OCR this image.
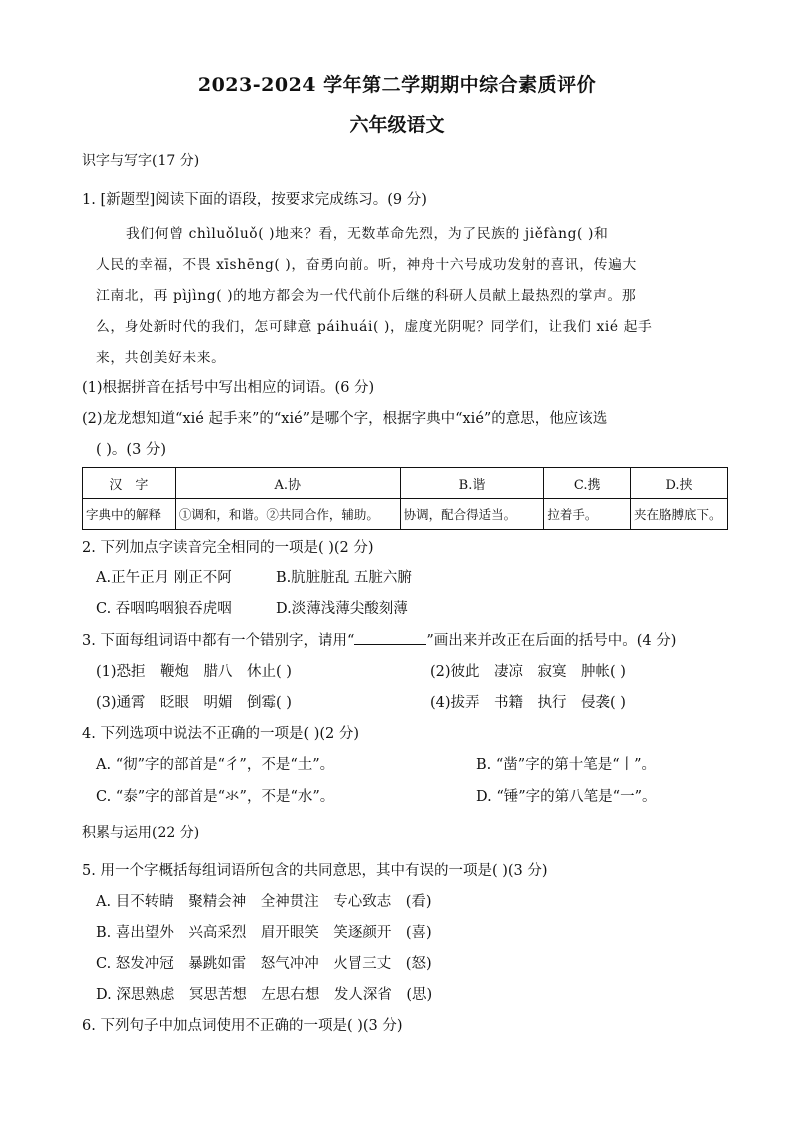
2023-2024 学年第二学期期中综合素质评价
六年级语文
识字与写字(17 分)
1. [新题型]阅读下面的语段，按要求完成练习。(9 分)
我们何曾 chìluǒluǒ( )地来？看，无数革命先烈，为了民族的 jiěfàng( )和
人民的幸福，不畏 xīshēng( )，奋勇向前。听，神舟十六号成功发射的喜讯，传遍大
江南北，再 pìjìng( )的地方都会为一代代前仆后继的科研人员献上最热烈的掌声。那
么，身处新时代的我们，怎可肆意 páihuái( )，虚度光阴呢？同学们，让我们 xié 起手
来，共创美好未来。
(1)根据拼音在括号中写出相应的词语。(6 分)
(2)龙龙想知道“xié 起手来”的“xié”是哪个字，根据字典中“xié”的意思，他应该选
( )。(3 分)
汉　字	A.协	B.谐	C.携	D.挟
字典中的解释	①调和，和谐。②共同合作，辅助。	协调，配合得适当。	拉着手。	夹在胳膊底下。
2. 下列加点字读音完全相同的一项是( )(2 分)
A.正午正月 刚正不阿	B.肮脏脏乱 五脏六腑
C. 吞咽呜咽狼吞虎咽	D.淡薄浅薄尖酸刻薄
3. 下面每组词语中都有一个错别字，请用“	”画出来并改正在后面的括号中。(4 分)
(1)恐拒　鞭炮　腊八　休止( )	(2)彼此　凄凉　寂寞　肿帐( )
(3)通霄　眨眼　明媚　倒霉( )	(4)拔弄　书籍　执行　侵袭( )
4. 下列选项中说法不正确的一项是( )(2 分)
A. “彻”字的部首是“彳”，不是“土”。	B. “凿”字的第十笔是“丨”。
C. “泰”字的部首是“氺”，不是“水”。	D. “锤”字的第八笔是“一”。
积累与运用(22 分)
5. 用一个字概括每组词语所包含的共同意思，其中有误的一项是( )(3 分)
A. 目不转睛　聚精会神　全神贯注　专心致志　(看)
B. 喜出望外　兴高采烈　眉开眼笑　笑逐颜开　(喜)
C. 怒发冲冠　暴跳如雷　怒气冲冲　火冒三丈　(怒)
D. 深思熟虑　冥思苦想　左思右想　发人深省　(思)
6. 下列句子中加点词使用不正确的一项是( )(3 分)
